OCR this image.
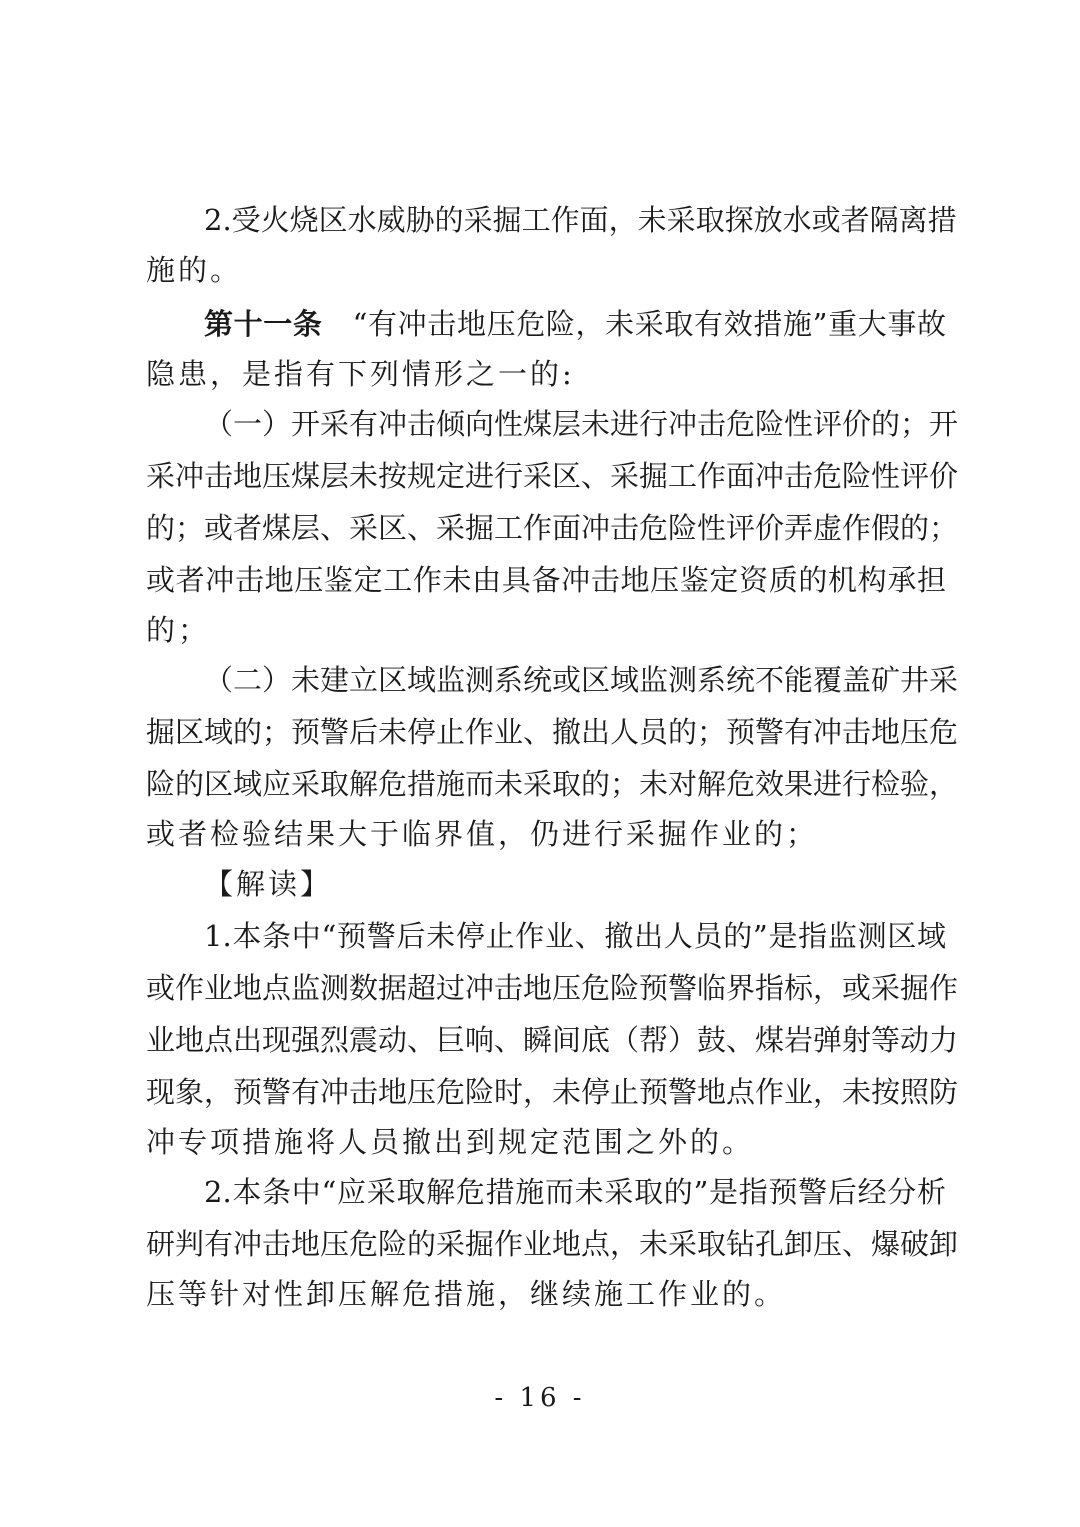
2.受火烧区水威胁的采掘工作面，未采取探放水或者隔离措
施的。
第十一条 “有冲击地压危险，未采取有效措施”重大事故
隐患，是指有下列情形之一的:
（一）开采有冲击倾向性煤层未进行冲击危险性评价的；开
采冲击地压煤层未按规定进行采区、采掘工作面冲击危险性评价
的；或者煤层、采区、采掘工作面冲击危险性评价弄虚作假的；
或者冲击地压鉴定工作未由具备冲击地压鉴定资质的机构承担
的；
（二）未建立区域监测系统或区域监测系统不能覆盖矿井采
掘区域的；预警后未停止作业、撤出人员的；预警有冲击地压危
险的区域应采取解危措施而未采取的；未对解危效果进行检验，
或者检验结果大于临界值，仍进行采掘作业的；
【解读】
1.本条中“预警后未停止作业、撤出人员的”是指监测区域
或作业地点监测数据超过冲击地压危险预警临界指标，或采掘作
业地点出现强烈震动、巨响、瞬间底（帮）鼓、煤岩弹射等动力
现象，预警有冲击地压危险时，未停止预警地点作业，未按照防
冲专项措施将人员撤出到规定范围之外的。
2.本条中“应采取解危措施而未采取的”是指预警后经分析
研判有冲击地压危险的采掘作业地点，未采取钻孔卸压、爆破卸
压等针对性卸压解危措施，继续施工作业的。
- 16 -
